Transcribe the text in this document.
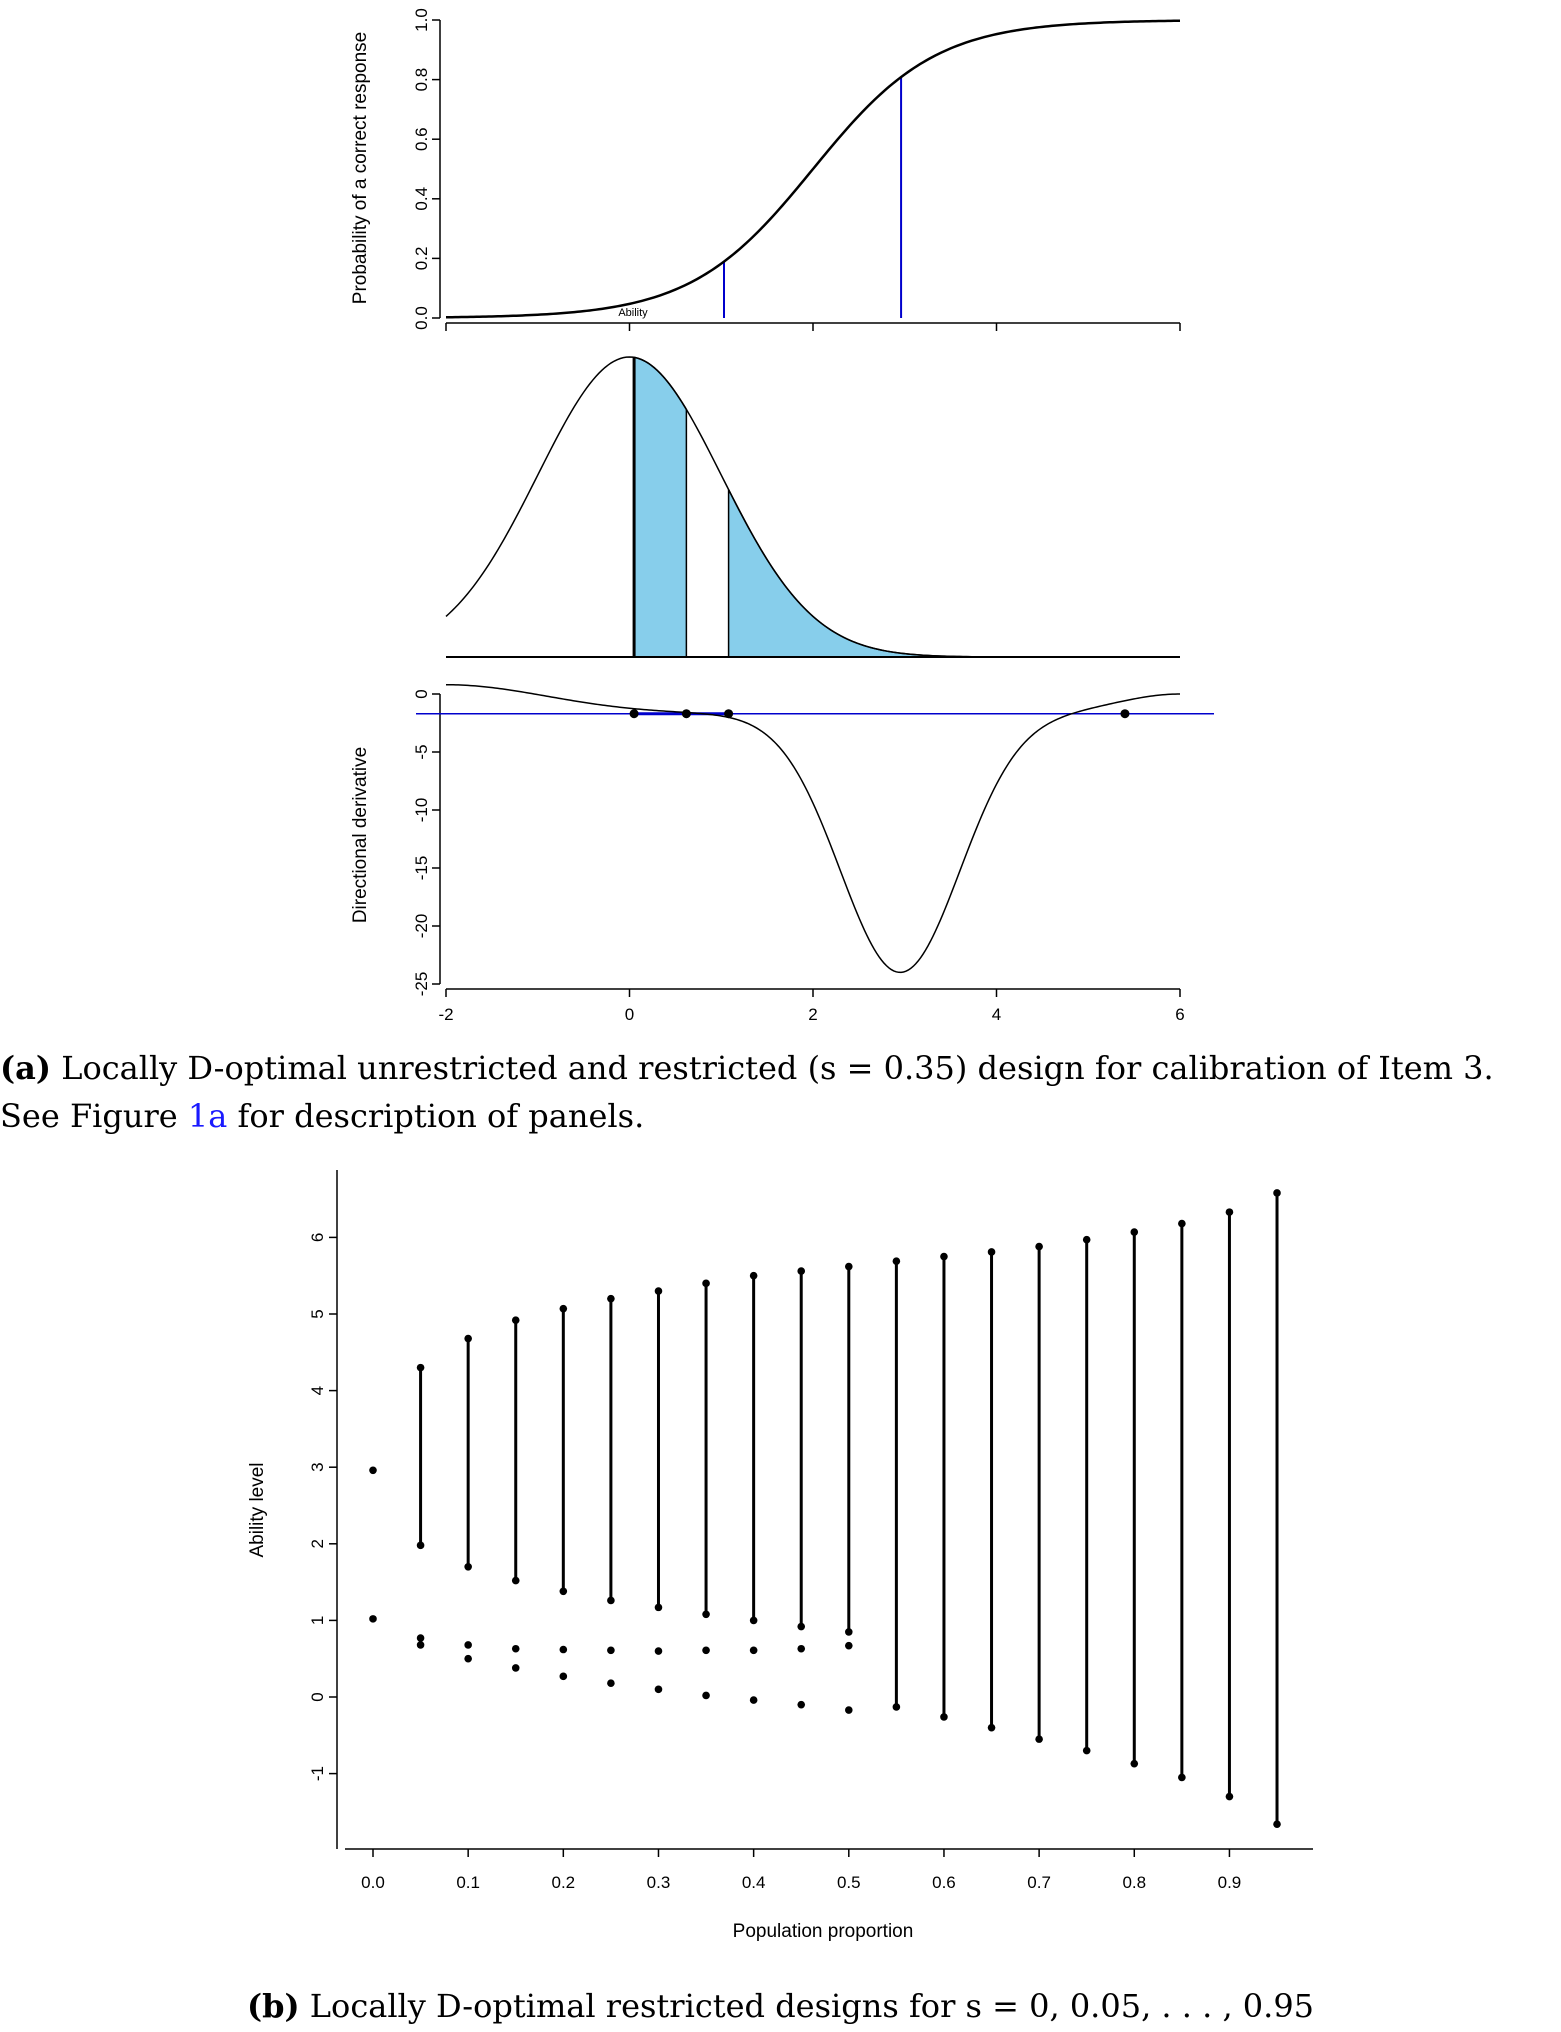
Probability of a correct response
Ability
0.0
0.2
0.4
0.6
0.8
1.0
Directional derivative
0
-5
-10
-15
-20
-25
-2	0	2	4	6
Ability level
Population proportion
-1
0
1
2
3
4
5
6
0.0	0.1	0.2	0.3	0.4	0.5	0.6	0.7	0.8	0.9
(a) Locally D-optimal unrestricted and restricted (s = 0.35) design for calibration of Item 3. See Figure 1a for description of panels.
(b) Locally D-optimal restricted designs for s = 0, 0.05, . . . , 0.95
